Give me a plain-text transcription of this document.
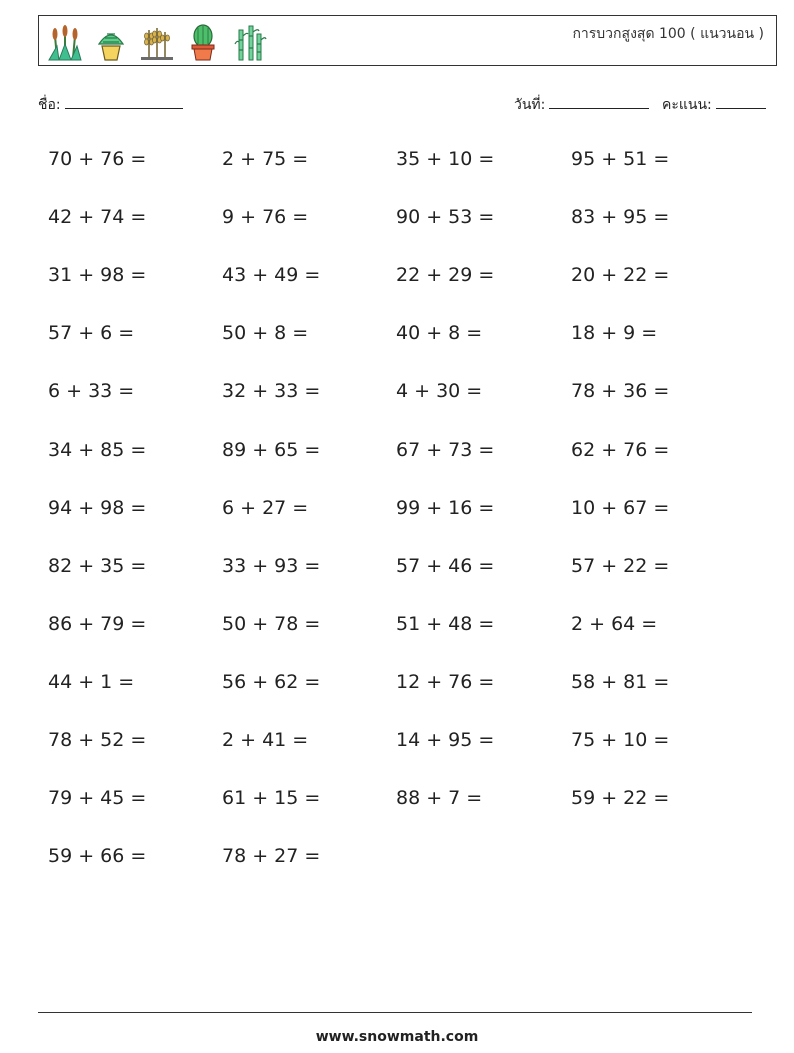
การบวกสูงสุด 100 ( แนวนอน )
ชื่อ:	วันที่:	คะแนน:
70 + 76 =	2 + 75 =	35 + 10 =	95 + 51 =
42 + 74 =	9 + 76 =	90 + 53 =	83 + 95 =
31 + 98 =	43 + 49 =	22 + 29 =	20 + 22 =
57 + 6 =	50 + 8 =	40 + 8 =	18 + 9 =
6 + 33 =	32 + 33 =	4 + 30 =	78 + 36 =
34 + 85 =	89 + 65 =	67 + 73 =	62 + 76 =
94 + 98 =	6 + 27 =	99 + 16 =	10 + 67 =
82 + 35 =	33 + 93 =	57 + 46 =	57 + 22 =
86 + 79 =	50 + 78 =	51 + 48 =	2 + 64 =
44 + 1 =	56 + 62 =	12 + 76 =	58 + 81 =
78 + 52 =	2 + 41 =	14 + 95 =	75 + 10 =
79 + 45 =	61 + 15 =	88 + 7 =	59 + 22 =
59 + 66 =	78 + 27 =
www.snowmath.com
